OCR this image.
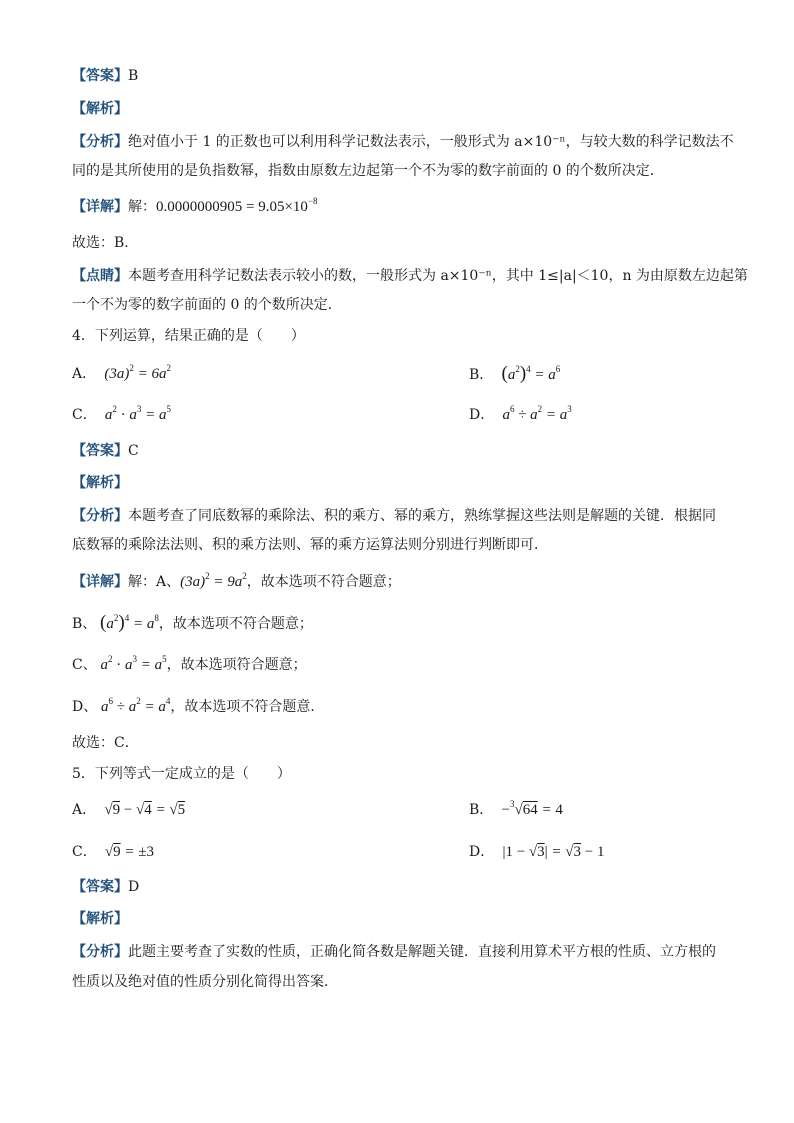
【答案】B
【解析】
【分析】绝对值小于 1 的正数也可以利用科学记数法表示，一般形式为 a×10⁻ⁿ，与较大数的科学记数法不
同的是其所使用的是负指数幂，指数由原数左边起第一个不为零的数字前面的 0 的个数所决定．
【详解】解：$0.0000000905 = 9.05\times 10^{-8}$
故选：B．
【点睛】本题考查用科学记数法表示较小的数，一般形式为 a×10⁻ⁿ，其中 1≤|a|＜10，n 为由原数左边起第
一个不为零的数字前面的 0 的个数所决定．
4．下列运算，结果正确的是（　　）
A．  $(3a)^2 = 6a^2$	B． $(a^2)^4 = a^6$
C．  $a^2 \cdot a^3 = a^5$	D．  $a^6 \div a^2 = a^3$
【答案】C
【解析】
【分析】本题考查了同底数幂的乘除法、积的乘方、幂的乘方，熟练掌握这些法则是解题的关键．根据同
底数幂的乘除法法则、积的乘方法则、幂的乘方运算法则分别进行判断即可．
【详解】解：A、$(3a)^2 = 9a^2$，故本选项不符合题意；
B、 $(a^2)^4 = a^8$，故本选项不符合题意；
C、 $a^2 \cdot a^3 = a^5$，故本选项符合题意；
D、 $a^6 \div a^2 = a^4$，故本选项不符合题意．
故选：C．
5．下列等式一定成立的是（　　）
A． √9 − √4 = √5	B． −$^3$√64 = 4
C． √9 = ±3	D． |1 − √3| = √3 − 1
【答案】D
【解析】
【分析】此题主要考查了实数的性质，正确化简各数是解题关键．直接利用算术平方根的性质、立方根的
性质以及绝对值的性质分别化简得出答案．
